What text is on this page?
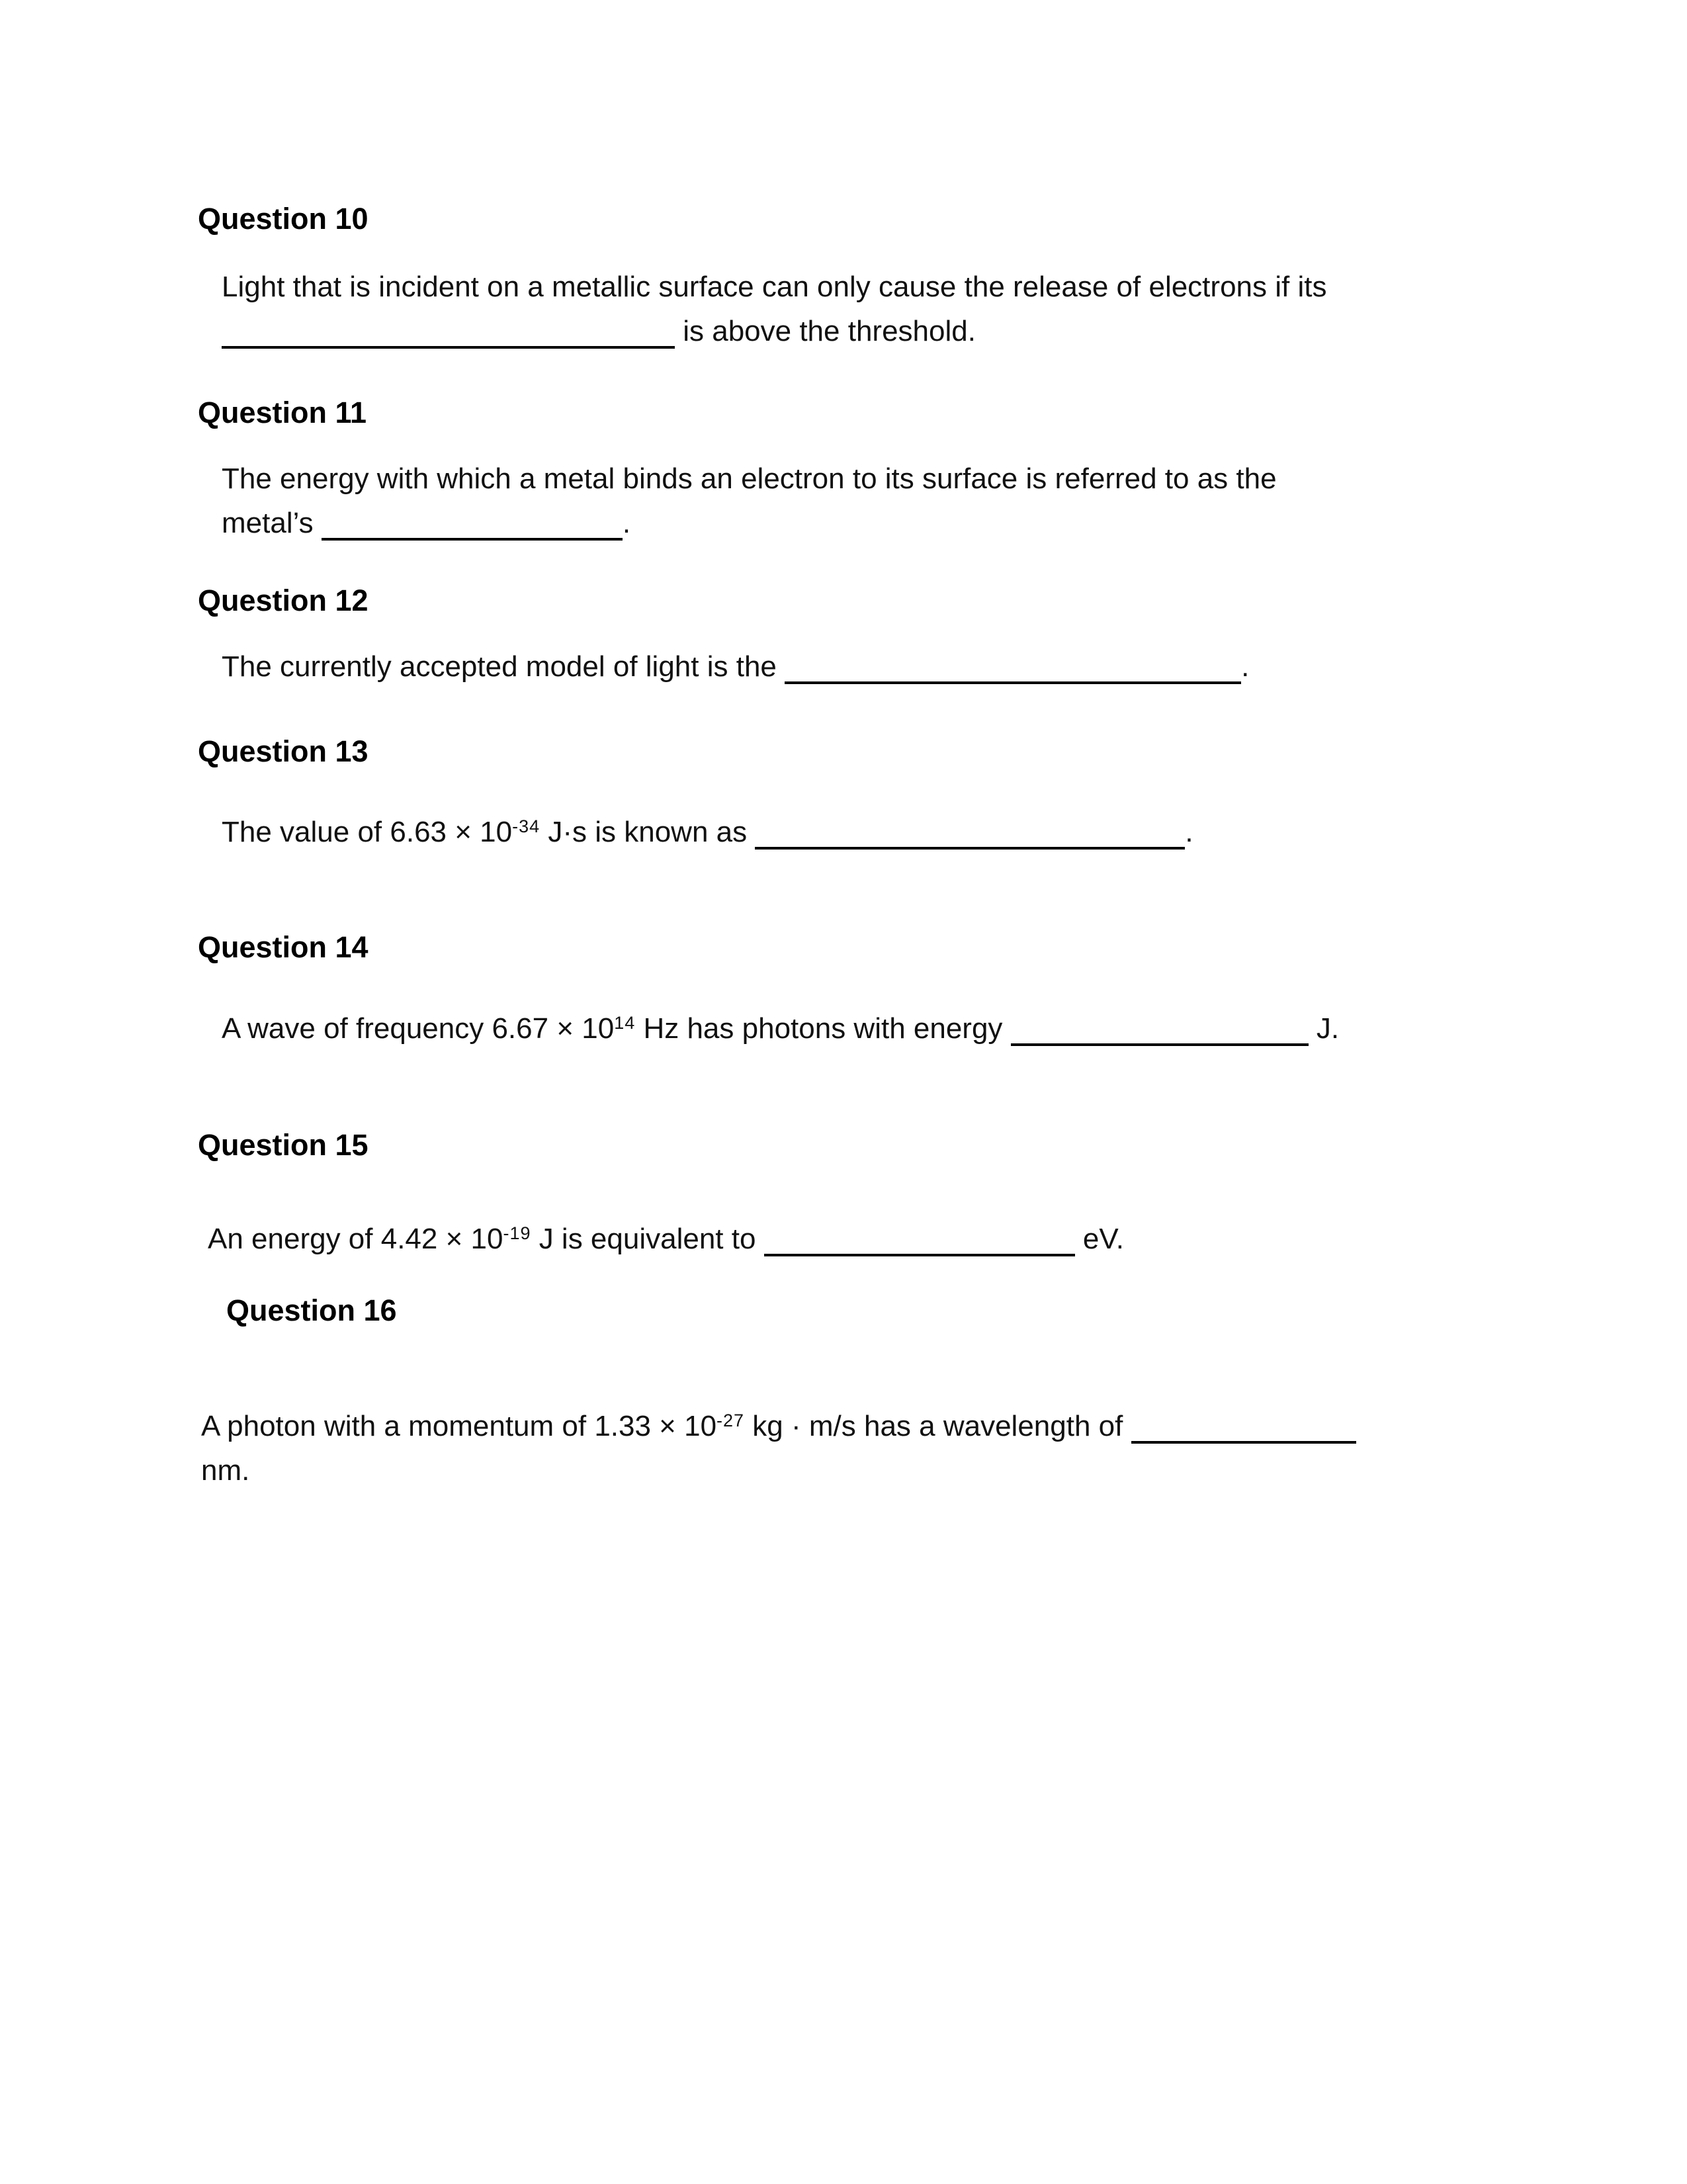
Question 10

Light that is incident on a metallic surface can only cause the release of electrons if its
is above the threshold.

Question 11

The energy with which a metal binds an electron to its surface is referred to as the
metal’s	.

Question 12

The currently accepted model of light is the	.

Question 13

The value of $6.63 \times 10^{-34}$ J·s is known as	.

Question 14

A wave of frequency $6.67 \times 10^{14}$ Hz has photons with energy	J.

Question 15

An energy of $4.42 \times 10^{-19}$ J is equivalent to	eV.

Question 16

A photon with a momentum of $1.33 \times 10^{-27}$ kg · m/s has a wavelength of
nm.
